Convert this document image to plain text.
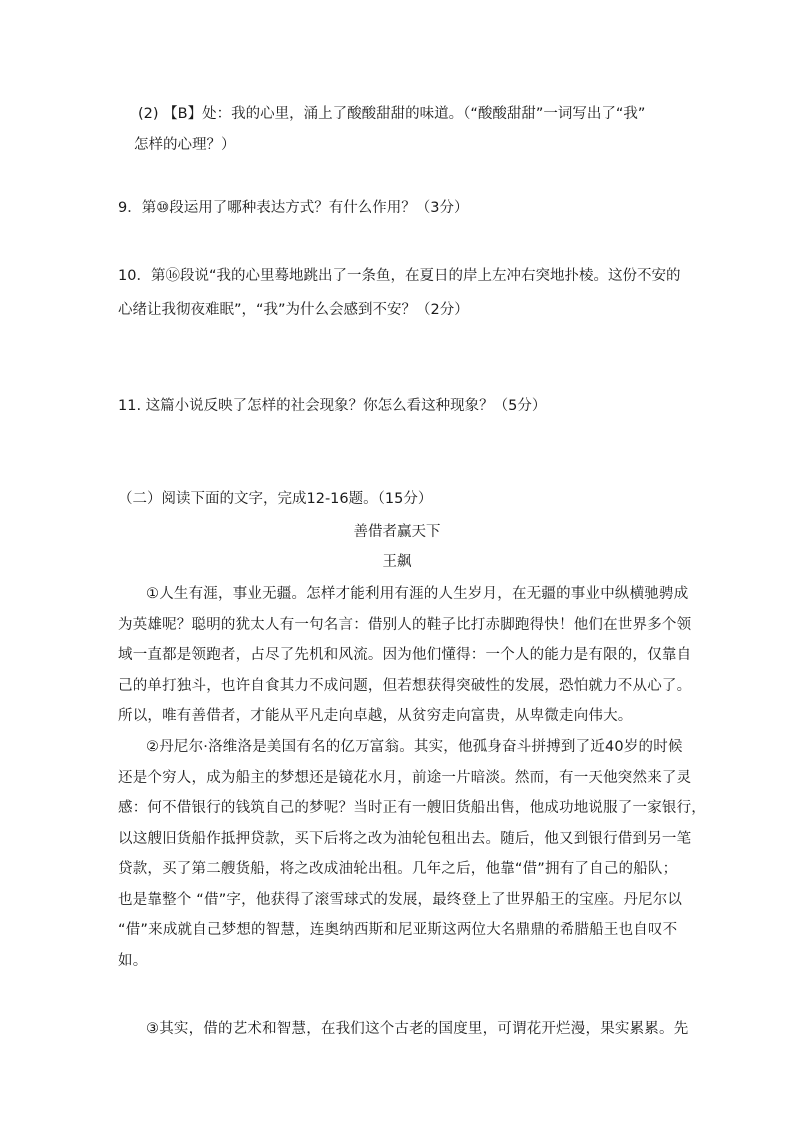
(2) 【B】处：我的心里，涌上了酸酸甜甜的味道。（“酸酸甜甜”一词写出了“我”
怎样的心理？）
9．第⑩段运用了哪种表达方式？有什么作用？（3分）
10．第⑯段说“我的心里蓦地跳出了一条鱼，在夏日的岸上左冲右突地扑棱。这份不安的
心绪让我彻夜难眠”，“我”为什么会感到不安？（2分）
11. 这篇小说反映了怎样的社会现象？你怎么看这种现象？（5分）
（二）阅读下面的文字，完成12-16题。（15分）
善借者赢天下
王飙
①人生有涯，事业无疆。怎样才能利用有涯的人生岁月，在无疆的事业中纵横驰骋成
为英雄呢？聪明的犹太人有一句名言：借别人的鞋子比打赤脚跑得快！他们在世界多个领
域一直都是领跑者，占尽了先机和风流。因为他们懂得：一个人的能力是有限的，仅靠自
己的单打独斗，也许自食其力不成问题，但若想获得突破性的发展，恐怕就力不从心了。
所以，唯有善借者，才能从平凡走向卓越，从贫穷走向富贵，从卑微走向伟大。
②丹尼尔·洛维洛是美国有名的亿万富翁。其实，他孤身奋斗拼搏到了近40岁的时候
还是个穷人，成为船主的梦想还是镜花水月，前途一片暗淡。然而，有一天他突然来了灵
感：何不借银行的钱筑自己的梦呢？当时正有一艘旧货船出售，他成功地说服了一家银行，
以这艘旧货船作抵押贷款，买下后将之改为油轮包租出去。随后，他又到银行借到另一笔
贷款，买了第二艘货船，将之改成油轮出租。几年之后，他靠“借”拥有了自己的船队；
也是靠整个 “借”字，他获得了滚雪球式的发展，最终登上了世界船王的宝座。丹尼尔以
“借”来成就自己梦想的智慧，连奥纳西斯和尼亚斯这两位大名鼎鼎的希腊船王也自叹不
如。
③其实，借的艺术和智慧，在我们这个古老的国度里，可谓花开烂漫，果实累累。先
